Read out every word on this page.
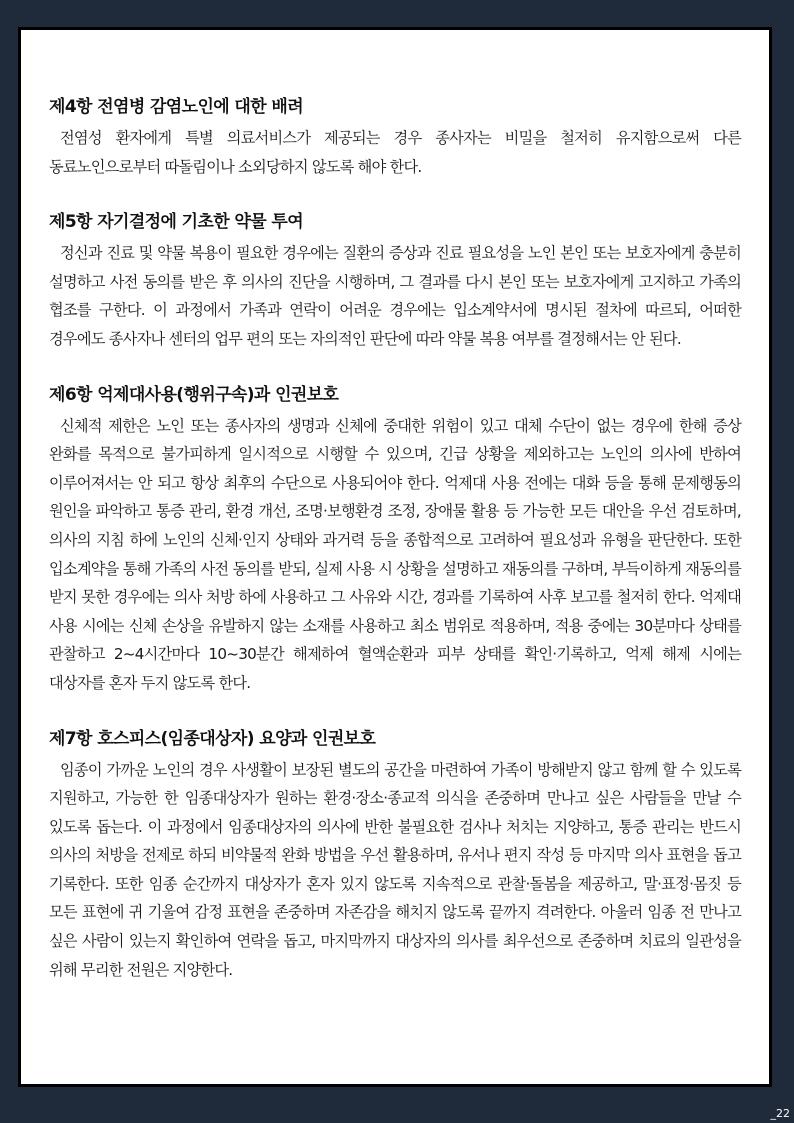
제4항 전염병 감염노인에 대한 배려

전염성 환자에게 특별 의료서비스가 제공되는 경우 종사자는 비밀을 철저히 유지함으로써 다른 동료노인으로부터 따돌림이나 소외당하지 않도록 해야 한다.

제5항 자기결정에 기초한 약물 투여

정신과 진료 및 약물 복용이 필요한 경우에는 질환의 증상과 진료 필요성을 노인 본인 또는 보호자에게 충분히 설명하고 사전 동의를 받은 후 의사의 진단을 시행하며, 그 결과를 다시 본인 또는 보호자에게 고지하고 가족의 협조를 구한다. 이 과정에서 가족과 연락이 어려운 경우에는 입소계약서에 명시된 절차에 따르되, 어떠한 경우에도 종사자나 센터의 업무 편의 또는 자의적인 판단에 따라 약물 복용 여부를 결정해서는 안 된다.

제6항 억제대사용(행위구속)과 인권보호

신체적 제한은 노인 또는 종사자의 생명과 신체에 중대한 위험이 있고 대체 수단이 없는 경우에 한해 증상 완화를 목적으로 불가피하게 일시적으로 시행할 수 있으며, 긴급 상황을 제외하고는 노인의 의사에 반하여 이루어져서는 안 되고 항상 최후의 수단으로 사용되어야 한다. 억제대 사용 전에는 대화 등을 통해 문제행동의 원인을 파악하고 통증 관리, 환경 개선, 조명·보행환경 조정, 장애물 활용 등 가능한 모든 대안을 우선 검토하며, 의사의 지침 하에 노인의 신체·인지 상태와 과거력 등을 종합적으로 고려하여 필요성과 유형을 판단한다. 또한 입소계약을 통해 가족의 사전 동의를 받되, 실제 사용 시 상황을 설명하고 재동의를 구하며, 부득이하게 재동의를 받지 못한 경우에는 의사 처방 하에 사용하고 그 사유와 시간, 경과를 기록하여 사후 보고를 철저히 한다. 억제대 사용 시에는 신체 손상을 유발하지 않는 소재를 사용하고 최소 범위로 적용하며, 적용 중에는 30분마다 상태를 관찰하고 2~4시간마다 10~30분간 해제하여 혈액순환과 피부 상태를 확인·기록하고, 억제 해제 시에는 대상자를 혼자 두지 않도록 한다.

제7항 호스피스(임종대상자) 요양과 인권보호

임종이 가까운 노인의 경우 사생활이 보장된 별도의 공간을 마련하여 가족이 방해받지 않고 함께 할 수 있도록 지원하고, 가능한 한 임종대상자가 원하는 환경·장소·종교적 의식을 존중하며 만나고 싶은 사람들을 만날 수 있도록 돕는다. 이 과정에서 임종대상자의 의사에 반한 불필요한 검사나 처치는 지양하고, 통증 관리는 반드시 의사의 처방을 전제로 하되 비약물적 완화 방법을 우선 활용하며, 유서나 편지 작성 등 마지막 의사 표현을 돕고 기록한다. 또한 임종 순간까지 대상자가 혼자 있지 않도록 지속적으로 관찰·돌봄을 제공하고, 말·표정·몸짓 등 모든 표현에 귀 기울여 감정 표현을 존중하며 자존감을 해치지 않도록 끝까지 격려한다. 아울러 임종 전 만나고 싶은 사람이 있는지 확인하여 연락을 돕고, 마지막까지 대상자의 의사를 최우선으로 존중하며 치료의 일관성을 위해 무리한 전원은 지양한다.

_22
